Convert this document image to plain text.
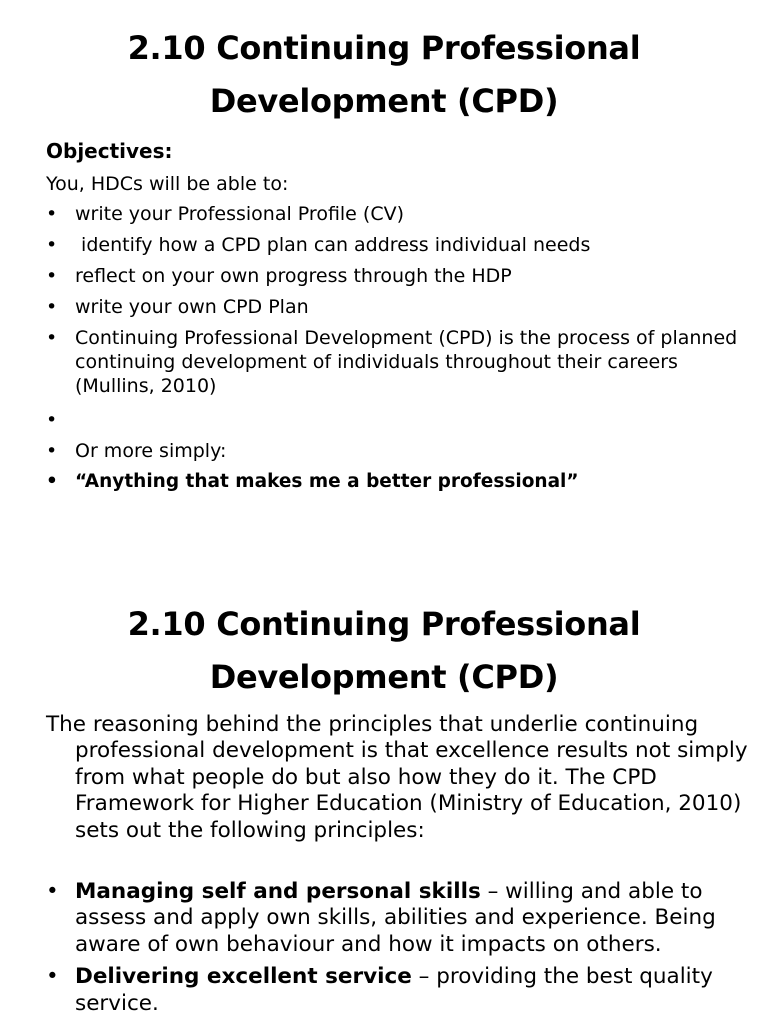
2.10 Continuing Professional
Development (CPD)
Objectives:
You, HDCs will be able to:
• write your Professional Profile (CV)
• identify how a CPD plan can address individual needs
• reflect on your own progress through the HDP
• write your own CPD Plan
• Continuing Professional Development (CPD) is the process of planned continuing development of individuals throughout their careers (Mullins, 2010)
•
• Or more simply:
• “Anything that makes me a better professional”
2.10 Continuing Professional
Development (CPD)
The reasoning behind the principles that underlie continuing professional development is that excellence results not simply from what people do but also how they do it. The CPD Framework for Higher Education (Ministry of Education, 2010) sets out the following principles:
• Managing self and personal skills – willing and able to assess and apply own skills, abilities and experience. Being aware of own behaviour and how it impacts on others.
• Delivering excellent service – providing the best quality service.
